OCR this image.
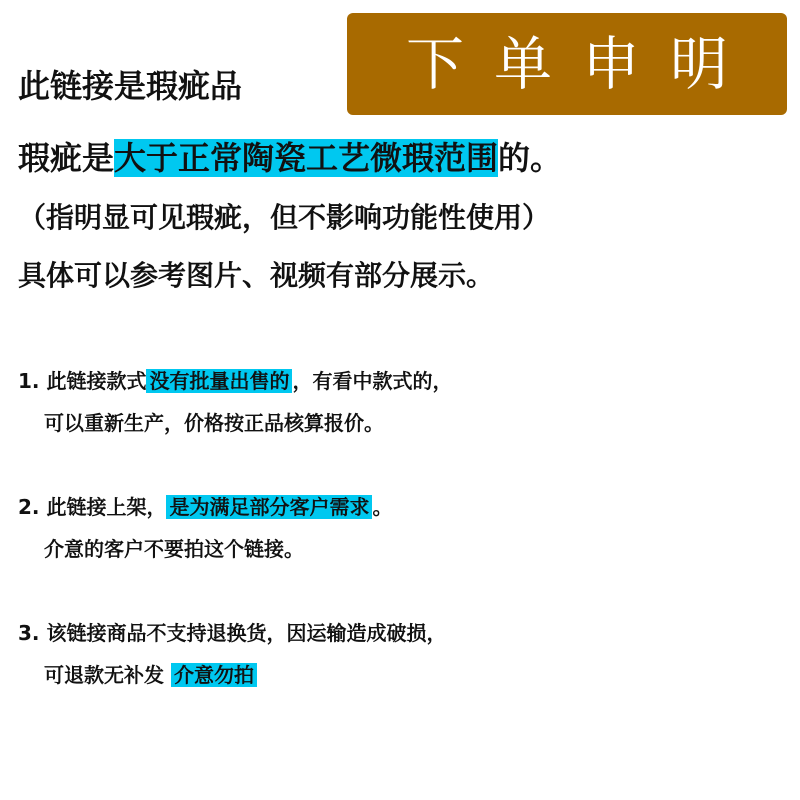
此链接是瑕疵品	下单申明
瑕疵是大于正常陶瓷工艺微瑕范围的。
（指明显可见瑕疵，但不影响功能性使用）
具体可以参考图片、视频有部分展示。
1. 此链接款式 没有批量出售的 ，有看中款式的，
可以重新生产，价格按正品核算报价。
2. 此链接上架， 是为满足部分客户需求 。
介意的客户不要拍这个链接。
3. 该链接商品不支持退换货，因运输造成破损，
可退款无补发 介意勿拍
